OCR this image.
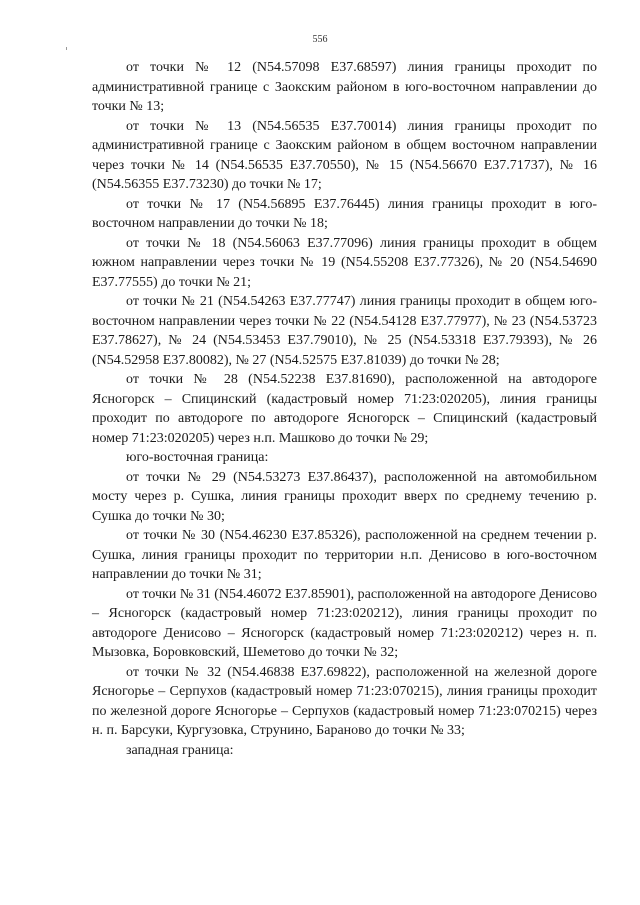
556

от точки № 12 (N54.57098 E37.68597) линия границы проходит по административной границе с Заокским районом в юго-восточном направлении до точки № 13;

от точки № 13 (N54.56535 E37.70014) линия границы проходит по административной границе с Заокским районом в общем восточном направлении через точки № 14 (N54.56535 E37.70550), № 15 (N54.56670 E37.71737), № 16 (N54.56355 E37.73230) до точки № 17;

от точки № 17 (N54.56895 E37.76445) линия границы проходит в юго-восточном направлении до точки № 18;

от точки № 18 (N54.56063 E37.77096) линия границы проходит в общем южном направлении через точки № 19 (N54.55208 E37.77326), № 20 (N54.54690 E37.77555) до точки № 21;

от точки № 21 (N54.54263 E37.77747) линия границы проходит в общем юго-восточном направлении через точки № 22 (N54.54128 E37.77977), № 23 (N54.53723 E37.78627), № 24 (N54.53453 E37.79010), № 25 (N54.53318 E37.79393), № 26 (N54.52958 E37.80082), № 27 (N54.52575 E37.81039) до точки № 28;

от точки № 28 (N54.52238 E37.81690), расположенной на автодороге Ясногорск – Спицинский (кадастровый номер 71:23:020205), линия границы проходит по автодороге по автодороге Ясногорск – Спицинский (кадастровый номер 71:23:020205) через н.п. Машково до точки № 29;

юго-восточная граница:

от точки № 29 (N54.53273 E37.86437), расположенной на автомобильном мосту через р. Сушка, линия границы проходит вверх по среднему течению р. Сушка до точки № 30;

от точки № 30 (N54.46230 E37.85326), расположенной на среднем течении р. Сушка, линия границы проходит по территории н.п. Денисово в юго-восточном направлении до точки № 31;

от точки № 31 (N54.46072 E37.85901), расположенной на автодороге Денисово – Ясногорск (кадастровый номер 71:23:020212), линия границы проходит по автодороге Денисово – Ясногорск (кадастровый номер 71:23:020212) через н. п. Мызовка, Боровковский, Шеметово до точки № 32;

от точки № 32 (N54.46838 E37.69822), расположенной на железной дороге Ясногорье – Серпухов (кадастровый номер 71:23:070215), линия границы проходит по железной дороге Ясногорье – Серпухов (кадастровый номер 71:23:070215) через н. п. Барсуки, Кургузовка, Струнино, Бараново до точки № 33;

западная граница:
